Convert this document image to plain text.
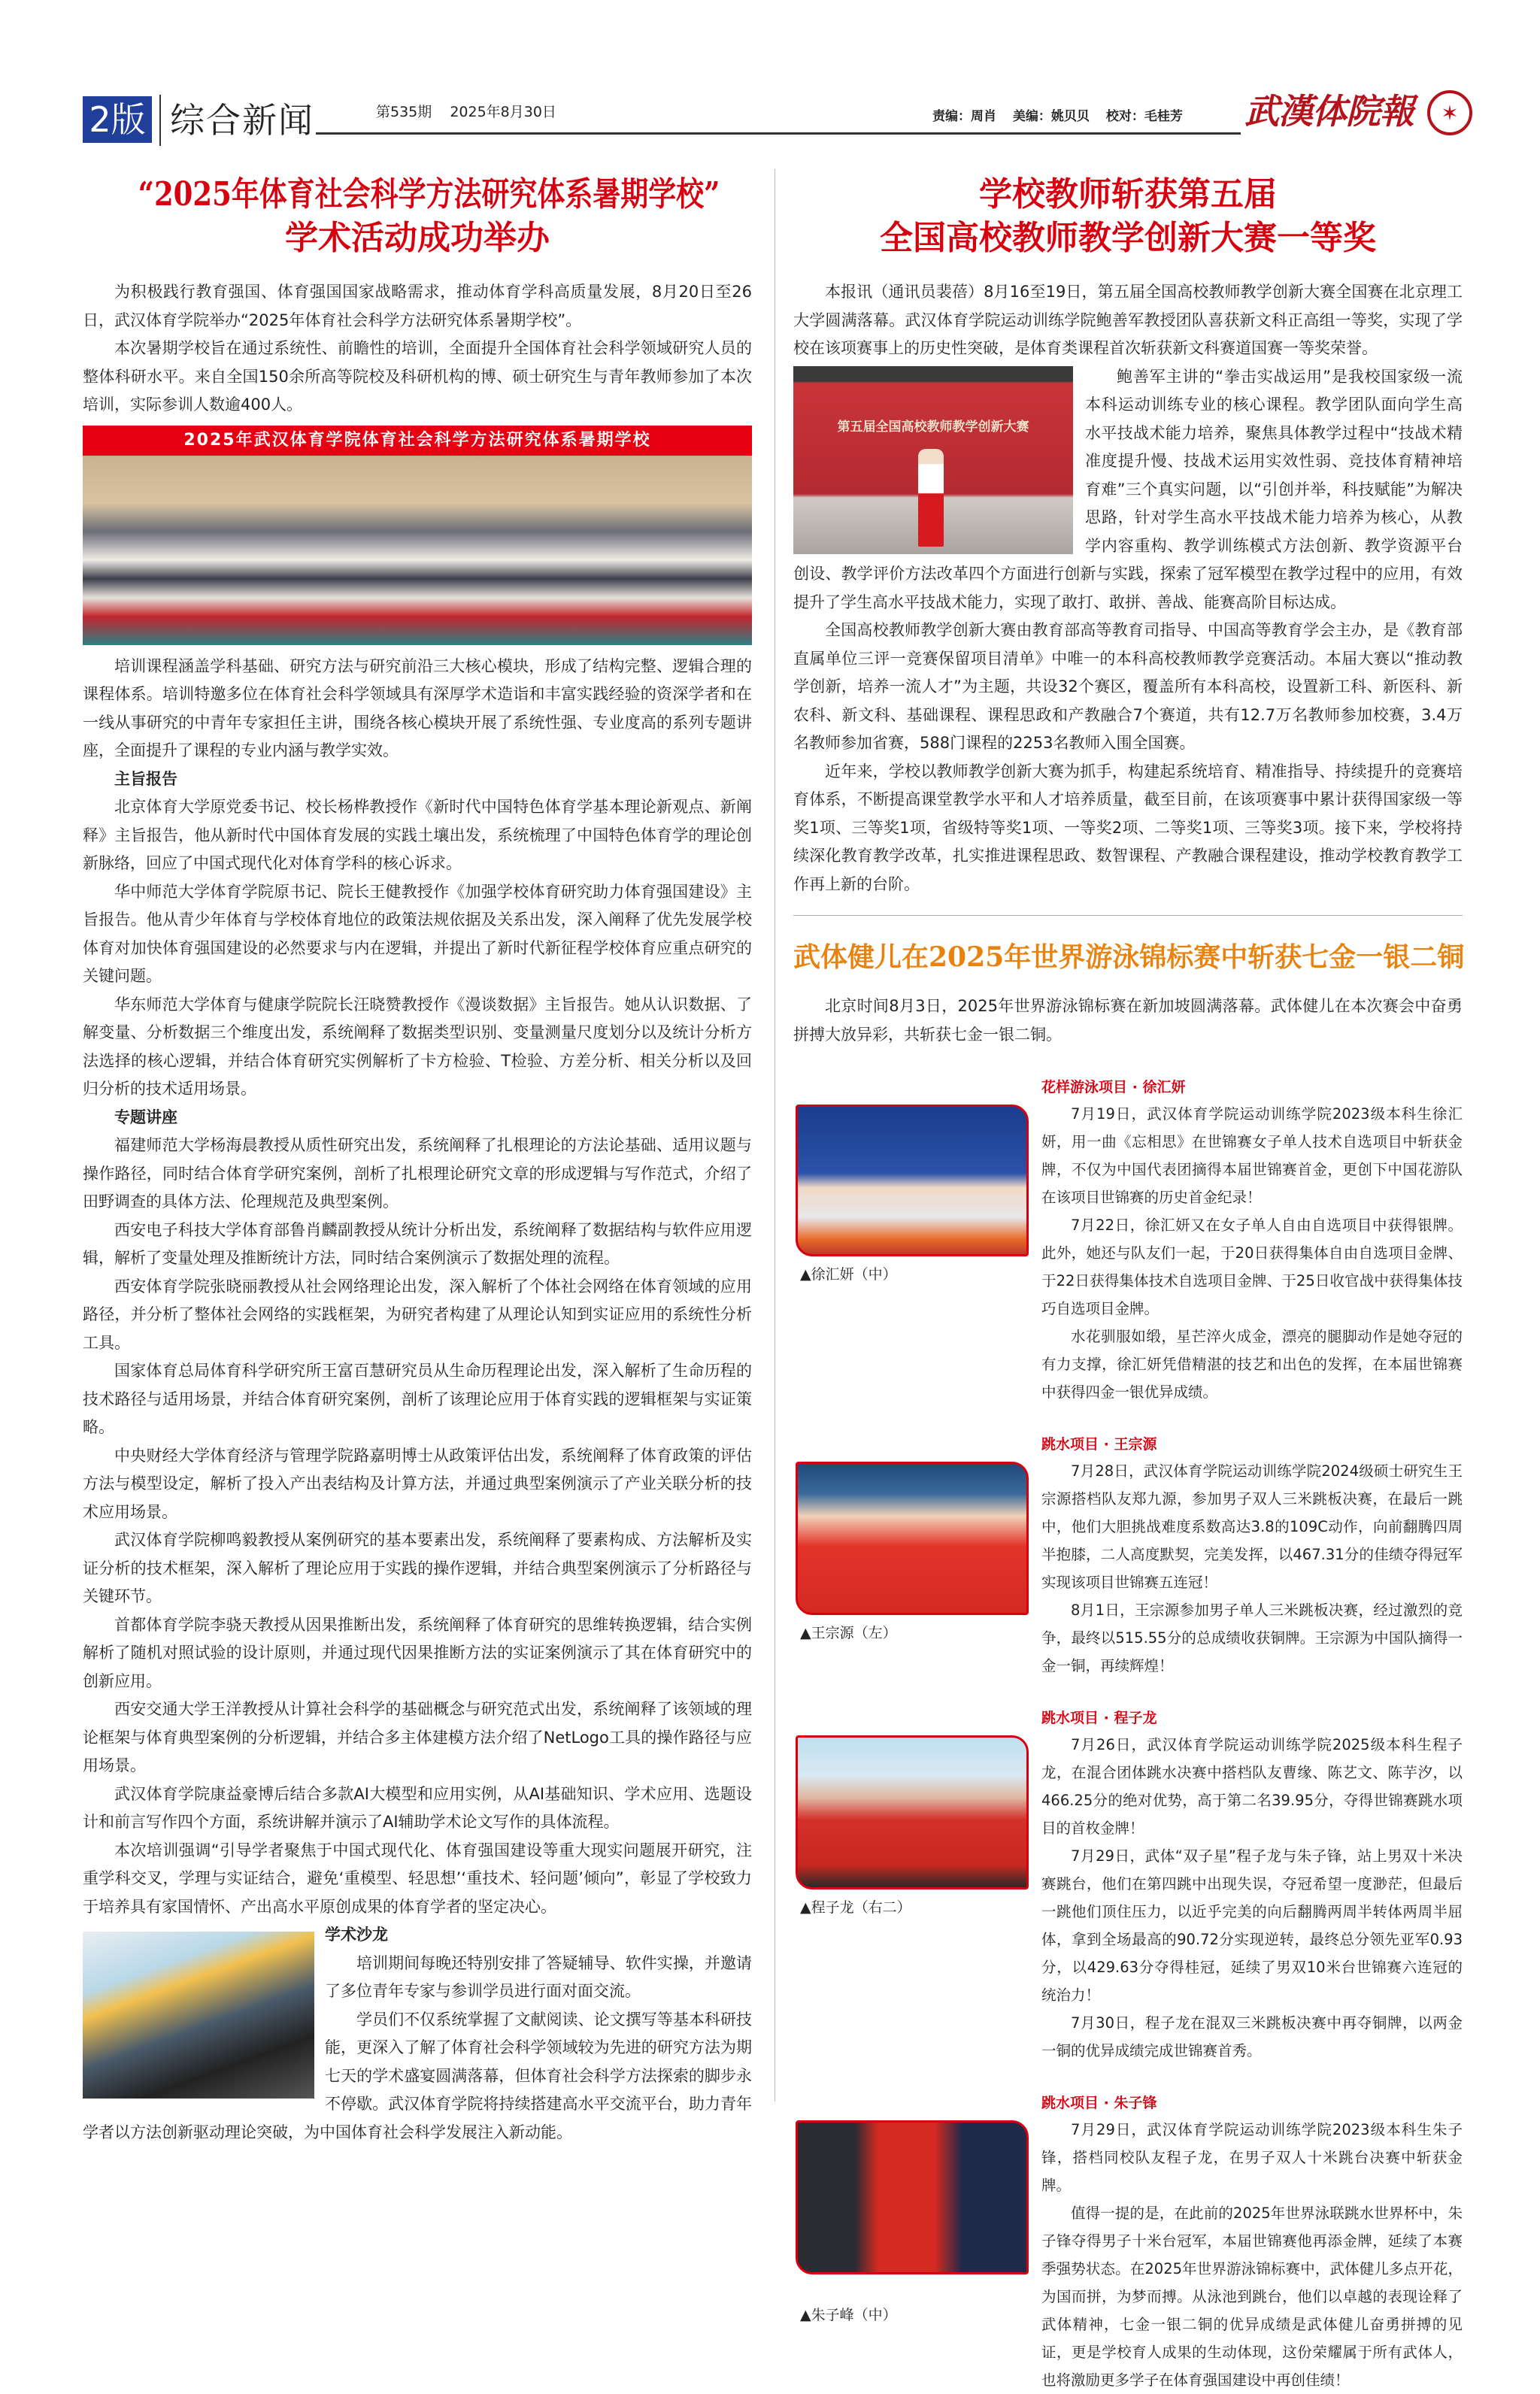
2版 综合新闻	第535期 2025年8月30日	责编：周肖 美编：姚贝贝 校对：毛桂芳	武漢体院報	✶
“2025年体育社会科学方法研究体系暑期学校”
学术活动成功举办

为积极践行教育强国、体育强国国家战略需求，推动体育学科高质量发展，8月20日至26日，武汉体育学院举办“2025年体育社会科学方法研究体系暑期学校”。

本次暑期学校旨在通过系统性、前瞻性的培训，全面提升全国体育社会科学领域研究人员的整体科研水平。来自全国150余所高等院校及科研机构的博、硕士研究生与青年教师参加了本次培训，实际参训人数逾400人。

2025年武汉体育学院体育社会科学方法研究体系暑期学校

培训课程涵盖学科基础、研究方法与研究前沿三大核心模块，形成了结构完整、逻辑合理的课程体系。培训特邀多位在体育社会科学领域具有深厚学术造诣和丰富实践经验的资深学者和在一线从事研究的中青年专家担任主讲，围绕各核心模块开展了系统性强、专业度高的系列专题讲座，全面提升了课程的专业内涵与教学实效。

主旨报告

北京体育大学原党委书记、校长杨桦教授作《新时代中国特色体育学基本理论新观点、新阐释》主旨报告，他从新时代中国体育发展的实践土壤出发，系统梳理了中国特色体育学的理论创新脉络，回应了中国式现代化对体育学科的核心诉求。

华中师范大学体育学院原书记、院长王健教授作《加强学校体育研究助力体育强国建设》主旨报告。他从青少年体育与学校体育地位的政策法规依据及关系出发，深入阐释了优先发展学校体育对加快体育强国建设的必然要求与内在逻辑，并提出了新时代新征程学校体育应重点研究的关键问题。

华东师范大学体育与健康学院院长汪晓赞教授作《漫谈数据》主旨报告。她从认识数据、了解变量、分析数据三个维度出发，系统阐释了数据类型识别、变量测量尺度划分以及统计分析方法选择的核心逻辑，并结合体育研究实例解析了卡方检验、T检验、方差分析、相关分析以及回归分析的技术适用场景。

专题讲座

福建师范大学杨海晨教授从质性研究出发，系统阐释了扎根理论的方法论基础、适用议题与操作路径，同时结合体育学研究案例，剖析了扎根理论研究文章的形成逻辑与写作范式，介绍了田野调查的具体方法、伦理规范及典型案例。

西安电子科技大学体育部鲁肖麟副教授从统计分析出发，系统阐释了数据结构与软件应用逻辑，解析了变量处理及推断统计方法，同时结合案例演示了数据处理的流程。

西安体育学院张晓丽教授从社会网络理论出发，深入解析了个体社会网络在体育领域的应用路径，并分析了整体社会网络的实践框架，为研究者构建了从理论认知到实证应用的系统性分析工具。

国家体育总局体育科学研究所王富百慧研究员从生命历程理论出发，深入解析了生命历程的技术路径与适用场景，并结合体育研究案例，剖析了该理论应用于体育实践的逻辑框架与实证策略。

中央财经大学体育经济与管理学院路嘉明博士从政策评估出发，系统阐释了体育政策的评估方法与模型设定，解析了投入产出表结构及计算方法，并通过典型案例演示了产业关联分析的技术应用场景。

武汉体育学院柳鸣毅教授从案例研究的基本要素出发，系统阐释了要素构成、方法解析及实证分析的技术框架，深入解析了理论应用于实践的操作逻辑，并结合典型案例演示了分析路径与关键环节。

首都体育学院李骁天教授从因果推断出发，系统阐释了体育研究的思维转换逻辑，结合实例解析了随机对照试验的设计原则，并通过现代因果推断方法的实证案例演示了其在体育研究中的创新应用。

西安交通大学王洋教授从计算社会科学的基础概念与研究范式出发，系统阐释了该领域的理论框架与体育典型案例的分析逻辑，并结合多主体建模方法介绍了NetLogo工具的操作路径与应用场景。

武汉体育学院康益豪博后结合多款AI大模型和应用实例，从AI基础知识、学术应用、选题设计和前言写作四个方面，系统讲解并演示了AI辅助学术论文写作的具体流程。

本次培训强调“引导学者聚焦于中国式现代化、体育强国建设等重大现实问题展开研究，注重学科交叉，学理与实证结合，避免‘重模型、轻思想’‘重技术、轻问题’倾向”，彰显了学校致力于培养具有家国情怀、产出高水平原创成果的体育学者的坚定决心。

学术沙龙

培训期间每晚还特别安排了答疑辅导、软件实操，并邀请了多位青年专家与参训学员进行面对面交流。

学员们不仅系统掌握了文献阅读、论文撰写等基本科研技能，更深入了解了体育社会科学领域较为先进的研究方法为期七天的学术盛宴圆满落幕，但体育社会科学方法探索的脚步永不停歇。武汉体育学院将持续搭建高水平交流平台，助力青年学者以方法创新驱动理论突破，为中国体育社会科学发展注入新动能。

学校教师斩获第五届
全国高校教师教学创新大赛一等奖

本报讯（通讯员裴蓓）8月16至19日，第五届全国高校教师教学创新大赛全国赛在北京理工大学圆满落幕。武汉体育学院运动训练学院鲍善军教授团队喜获新文科正高组一等奖，实现了学校在该项赛事上的历史性突破，是体育类课程首次斩获新文科赛道国赛一等奖荣誉。

第五届全国高校教师教学创新大赛

鲍善军主讲的“拳击实战运用”是我校国家级一流本科运动训练专业的核心课程。教学团队面向学生高水平技战术能力培养，聚焦具体教学过程中“技战术精准度提升慢、技战术运用实效性弱、竞技体育精神培育难”三个真实问题，以“引创并举，科技赋能”为解决思路，针对学生高水平技战术能力培养为核心，从教学内容重构、教学训练模式方法创新、教学资源平台创设、教学评价方法改革四个方面进行创新与实践，探索了冠军模型在教学过程中的应用，有效提升了学生高水平技战术能力，实现了敢打、敢拼、善战、能赛高阶目标达成。

全国高校教师教学创新大赛由教育部高等教育司指导、中国高等教育学会主办，是《教育部直属单位三评一竞赛保留项目清单》中唯一的本科高校教师教学竞赛活动。本届大赛以“推动教学创新，培养一流人才”为主题，共设32个赛区，覆盖所有本科高校，设置新工科、新医科、新农科、新文科、基础课程、课程思政和产教融合7个赛道，共有12.7万名教师参加校赛，3.4万名教师参加省赛，588门课程的2253名教师入围全国赛。

近年来，学校以教师教学创新大赛为抓手，构建起系统培育、精准指导、持续提升的竞赛培育体系，不断提高课堂教学水平和人才培养质量，截至目前，在该项赛事中累计获得国家级一等奖1项、三等奖1项，省级特等奖1项、一等奖2项、二等奖1项、三等奖3项。接下来，学校将持续深化教育教学改革，扎实推进课程思政、数智课程、产教融合课程建设，推动学校教育教学工作再上新的台阶。

武体健儿在2025年世界游泳锦标赛中斩获七金一银二铜

北京时间8月3日，2025年世界游泳锦标赛在新加坡圆满落幕。武体健儿在本次赛会中奋勇拼搏大放异彩，共斩获七金一银二铜。

▲徐汇妍（中）
花样游泳项目 · 徐汇妍

7月19日，武汉体育学院运动训练学院2023级本科生徐汇妍，用一曲《忘相思》在世锦赛女子单人技术自选项目中斩获金牌，不仅为中国代表团摘得本届世锦赛首金，更创下中国花游队在该项目世锦赛的历史首金纪录！

7月22日，徐汇妍又在女子单人自由自选项目中获得银牌。此外，她还与队友们一起，于20日获得集体自由自选项目金牌、于22日获得集体技术自选项目金牌、于25日收官战中获得集体技巧自选项目金牌。

水花驯服如缎，星芒淬火成金，漂亮的腿脚动作是她夺冠的有力支撑，徐汇妍凭借精湛的技艺和出色的发挥，在本届世锦赛中获得四金一银优异成绩。

▲王宗源（左）
跳水项目 · 王宗源

7月28日，武汉体育学院运动训练学院2024级硕士研究生王宗源搭档队友郑九源，参加男子双人三米跳板决赛，在最后一跳中，他们大胆挑战难度系数高达3.8的109C动作，向前翻腾四周半抱膝，二人高度默契，完美发挥，以467.31分的佳绩夺得冠军实现该项目世锦赛五连冠！

8月1日，王宗源参加男子单人三米跳板决赛，经过激烈的竞争，最终以515.55分的总成绩收获铜牌。王宗源为中国队摘得一金一铜，再续辉煌！

▲程子龙（右二）
跳水项目 · 程子龙

7月26日，武汉体育学院运动训练学院2025级本科生程子龙，在混合团体跳水决赛中搭档队友曹缘、陈艺文、陈芋汐，以466.25分的绝对优势，高于第二名39.95分，夺得世锦赛跳水项目的首枚金牌！

7月29日，武体“双子星”程子龙与朱子锋，站上男双十米决赛跳台，他们在第四跳中出现失误，夺冠希望一度渺茫，但最后一跳他们顶住压力，以近乎完美的向后翻腾两周半转体两周半屈体，拿到全场最高的90.72分实现逆转，最终总分领先亚军0.93分，以429.63分夺得桂冠，延续了男双10米台世锦赛六连冠的统治力！

7月30日，程子龙在混双三米跳板决赛中再夺铜牌，以两金一铜的优异成绩完成世锦赛首秀。

▲朱子峰（中）
跳水项目 · 朱子锋

7月29日，武汉体育学院运动训练学院2023级本科生朱子锋，搭档同校队友程子龙，在男子双人十米跳台决赛中斩获金牌。

值得一提的是，在此前的2025年世界泳联跳水世界杯中，朱子锋夺得男子十米台冠军，本届世锦赛他再添金牌，延续了本赛季强势状态。在2025年世界游泳锦标赛中，武体健儿多点开花，为国而拼，为梦而搏。从泳池到跳台，他们以卓越的表现诠释了武体精神，七金一银二铜的优异成绩是武体健儿奋勇拼搏的见证，更是学校育人成果的生动体现，这份荣耀属于所有武体人，也将激励更多学子在体育强国建设中再创佳绩！
